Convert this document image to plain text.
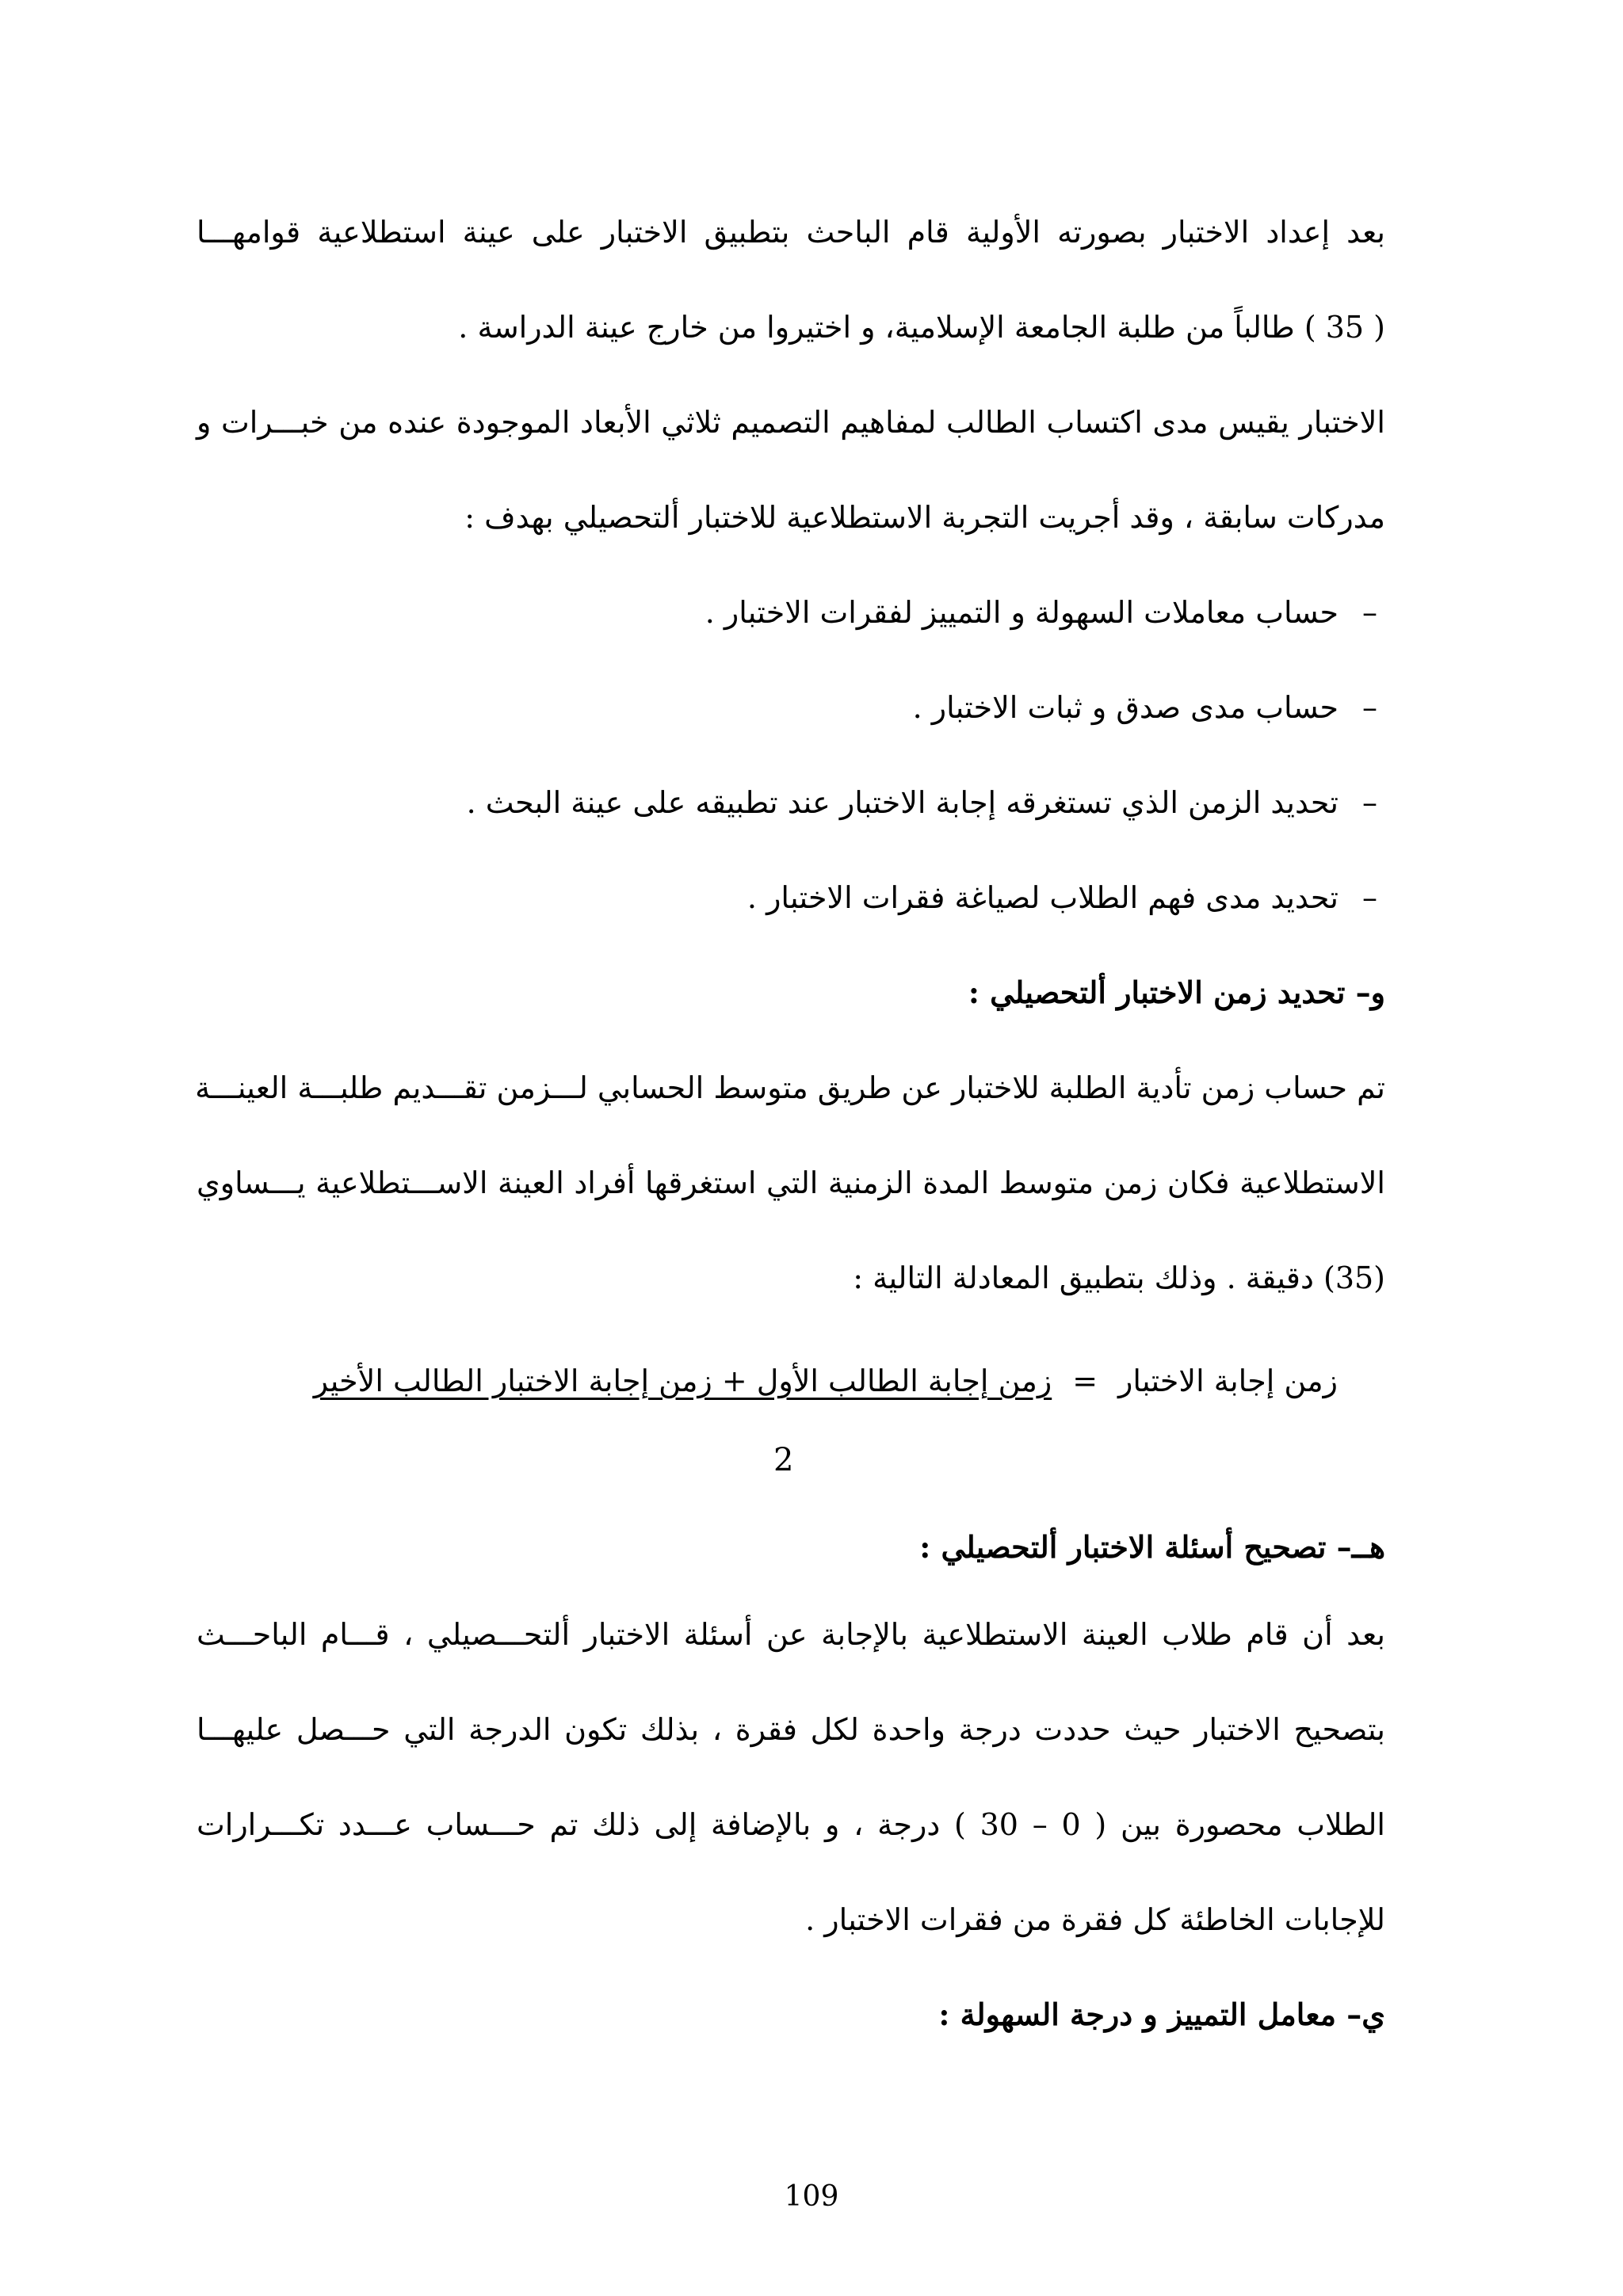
بعد إعداد الاختبار بصورته الأولية قام الباحث بتطبيق الاختبار على عينة استطلاعية قوامهـــا
( 35 ) طالباً من طلبة الجامعة الإسلامية، و اختيروا من خارج عينة الدراسة .
الاختبار يقيس مدى اكتساب الطالب لمفاهيم التصميم ثلاثي الأبعاد الموجودة عنده من خبـــرات و
مدركات سابقة ، وقد أجريت التجربة الاستطلاعية للاختبار ألتحصيلي بهدف :
–حساب معاملات السهولة و التمييز لفقرات الاختبار .
–حساب مدى صدق و ثبات الاختبار .
–تحديد الزمن الذي تستغرقه إجابة الاختبار عند تطبيقه على عينة البحث .
–تحديد مدى فهم الطلاب لصياغة فقرات الاختبار .
و– تحديد زمن الاختبار ألتحصيلي :
تم حساب زمن تأدية الطلبة للاختبار عن طريق متوسط الحسابي لـــزمن تقـــديم طلبـــة العينـــة
الاستطلاعية فكان زمن متوسط المدة الزمنية التي استغرقها أفراد العينة الاســـتطلاعية يـــساوي
(35) دقيقة . وذلك بتطبيق المعادلة التالية :
زمن إجابة الاختبار=زمن إجابة الطالب الأول + زمن إجابة الاختبار الطالب الأخير
2
هــ– تصحيح أسئلة الاختبار ألتحصيلي :
بعد أن قام طلاب العينة الاستطلاعية بالإجابة عن أسئلة الاختبار ألتحـــصيلي ، قـــام الباحـــث
بتصحيح الاختبار حيث حددت درجة واحدة لكل فقرة ، بذلك تكون الدرجة التي حـــصل عليهـــا
الطلاب محصورة بين ( 0 – 30 ) درجة ، و بالإضافة إلى ذلك تم حـــساب عـــدد تكـــرارات
للإجابات الخاطئة كل فقرة من فقرات الاختبار .
ي– معامل التمييز و درجة السهولة :
109
